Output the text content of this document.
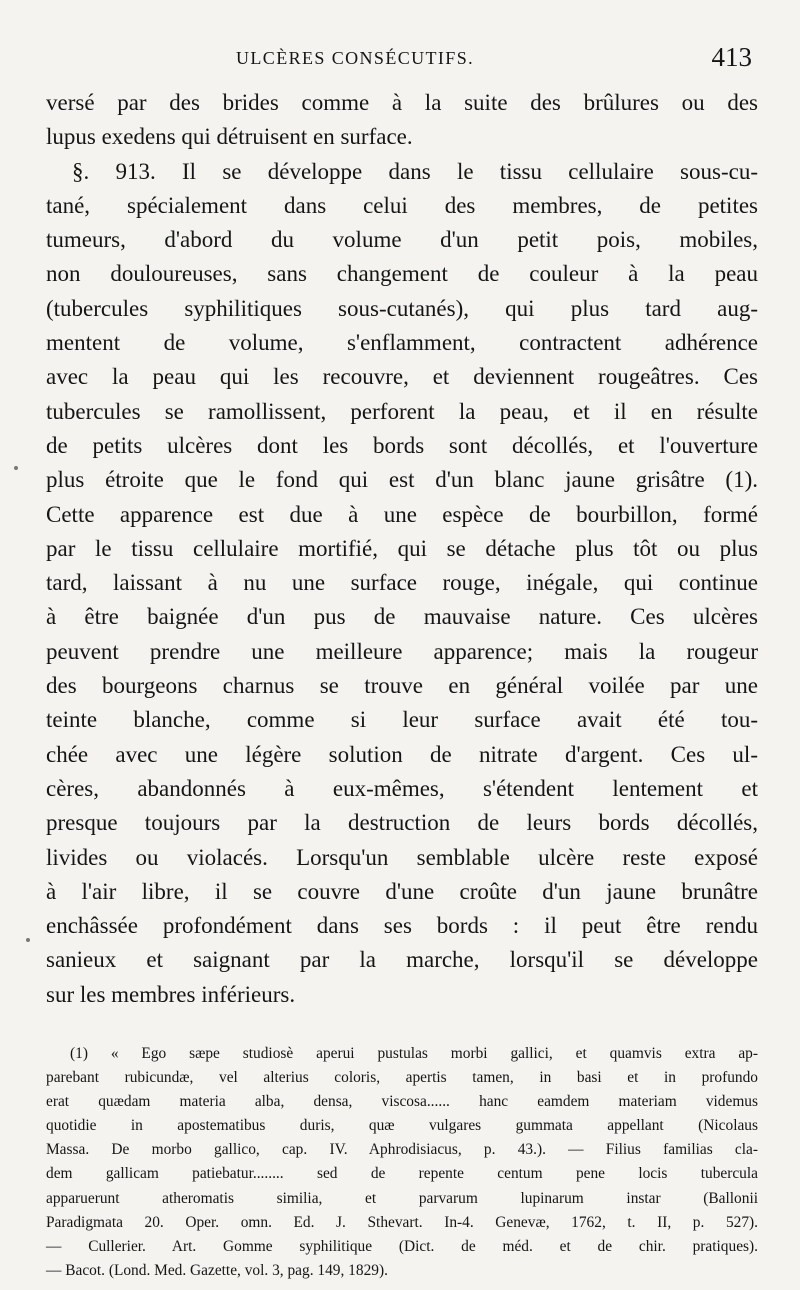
ULCÈRES CONSÉCUTIFS.	413
versé par des brides comme à la suite des brûlures ou des
lupus exedens qui détruisent en surface.
§. 913. Il se développe dans le tissu cellulaire sous-cu-
tané, spécialement dans celui des membres, de petites
tumeurs, d'abord du volume d'un petit pois, mobiles,
non douloureuses, sans changement de couleur à la peau
(tubercules syphilitiques sous-cutanés), qui plus tard aug-
mentent de volume, s'enflamment, contractent adhérence
avec la peau qui les recouvre, et deviennent rougeâtres. Ces
tubercules se ramollissent, perforent la peau, et il en résulte
de petits ulcères dont les bords sont décollés, et l'ouverture
plus étroite que le fond qui est d'un blanc jaune grisâtre (1).
Cette apparence est due à une espèce de bourbillon, formé
par le tissu cellulaire mortifié, qui se détache plus tôt ou plus
tard, laissant à nu une surface rouge, inégale, qui continue
à être baignée d'un pus de mauvaise nature. Ces ulcères
peuvent prendre une meilleure apparence; mais la rougeur
des bourgeons charnus se trouve en général voilée par une
teinte blanche, comme si leur surface avait été tou-
chée avec une légère solution de nitrate d'argent. Ces ul-
cères, abandonnés à eux-mêmes, s'étendent lentement et
presque toujours par la destruction de leurs bords décollés,
livides ou violacés. Lorsqu'un semblable ulcère reste exposé
à l'air libre, il se couvre d'une croûte d'un jaune brunâtre
enchâssée profondément dans ses bords : il peut être rendu
sanieux et saignant par la marche, lorsqu'il se développe
sur les membres inférieurs.
(1) « Ego sæpe studiosè aperui pustulas morbi gallici, et quamvis extra ap-
parebant rubicundæ, vel alterius coloris, apertis tamen, in basi et in profundo
erat quædam materia alba, densa, viscosa...... hanc eamdem materiam videmus
quotidie in apostematibus duris, quæ vulgares gummata appellant (Nicolaus
Massa. De morbo gallico, cap. IV. Aphrodisiacus, p. 43.). — Filius familias cla-
dem gallicam patiebatur........ sed de repente centum pene locis tubercula
apparuerunt atheromatis similia, et parvarum lupinarum instar (Ballonii
Paradigmata 20. Oper. omn. Ed. J. Sthevart. In-4. Genevæ, 1762, t. II, p. 527).
— Cullerier. Art. Gomme syphilitique (Dict. de méd. et de chir. pratiques).
— Bacot. (Lond. Med. Gazette, vol. 3, pag. 149, 1829).
